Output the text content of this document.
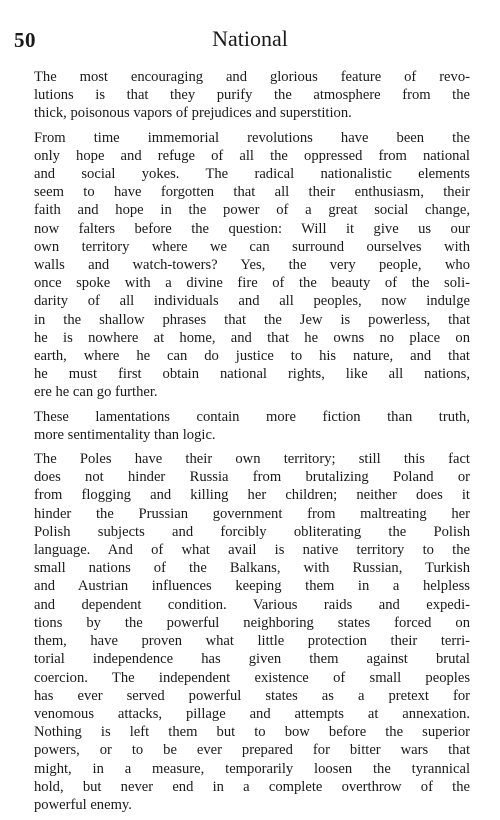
50	National

The most encouraging and glorious feature of revo-
lutions is that they purify the atmosphere from the
thick, poisonous vapors of prejudices and superstition.

From time immemorial revolutions have been the
only hope and refuge of all the oppressed from national
and social yokes. The radical nationalistic elements
seem to have forgotten that all their enthusiasm, their
faith and hope in the power of a great social change,
now falters before the question: Will it give us our
own territory where we can surround ourselves with
walls and watch-towers? Yes, the very people, who
once spoke with a divine fire of the beauty of the soli-
darity of all individuals and all peoples, now indulge
in the shallow phrases that the Jew is powerless, that
he is nowhere at home, and that he owns no place on
earth, where he can do justice to his nature, and that
he must first obtain national rights, like all nations,
ere he can go further.

These lamentations contain more fiction than truth,
more sentimentality than logic.

The Poles have their own territory; still this fact
does not hinder Russia from brutalizing Poland or
from flogging and killing her children; neither does it
hinder the Prussian government from maltreating her
Polish subjects and forcibly obliterating the Polish
language. And of what avail is native territory to the
small nations of the Balkans, with Russian, Turkish
and Austrian influences keeping them in a helpless
and dependent condition. Various raids and expedi-
tions by the powerful neighboring states forced on
them, have proven what little protection their terri-
torial independence has given them against brutal
coercion. The independent existence of small peoples
has ever served powerful states as a pretext for
venomous attacks, pillage and attempts at annexation.
Nothing is left them but to bow before the superior
powers, or to be ever prepared for bitter wars that
might, in a measure, temporarily loosen the tyrannical
hold, but never end in a complete overthrow of the
powerful enemy.
